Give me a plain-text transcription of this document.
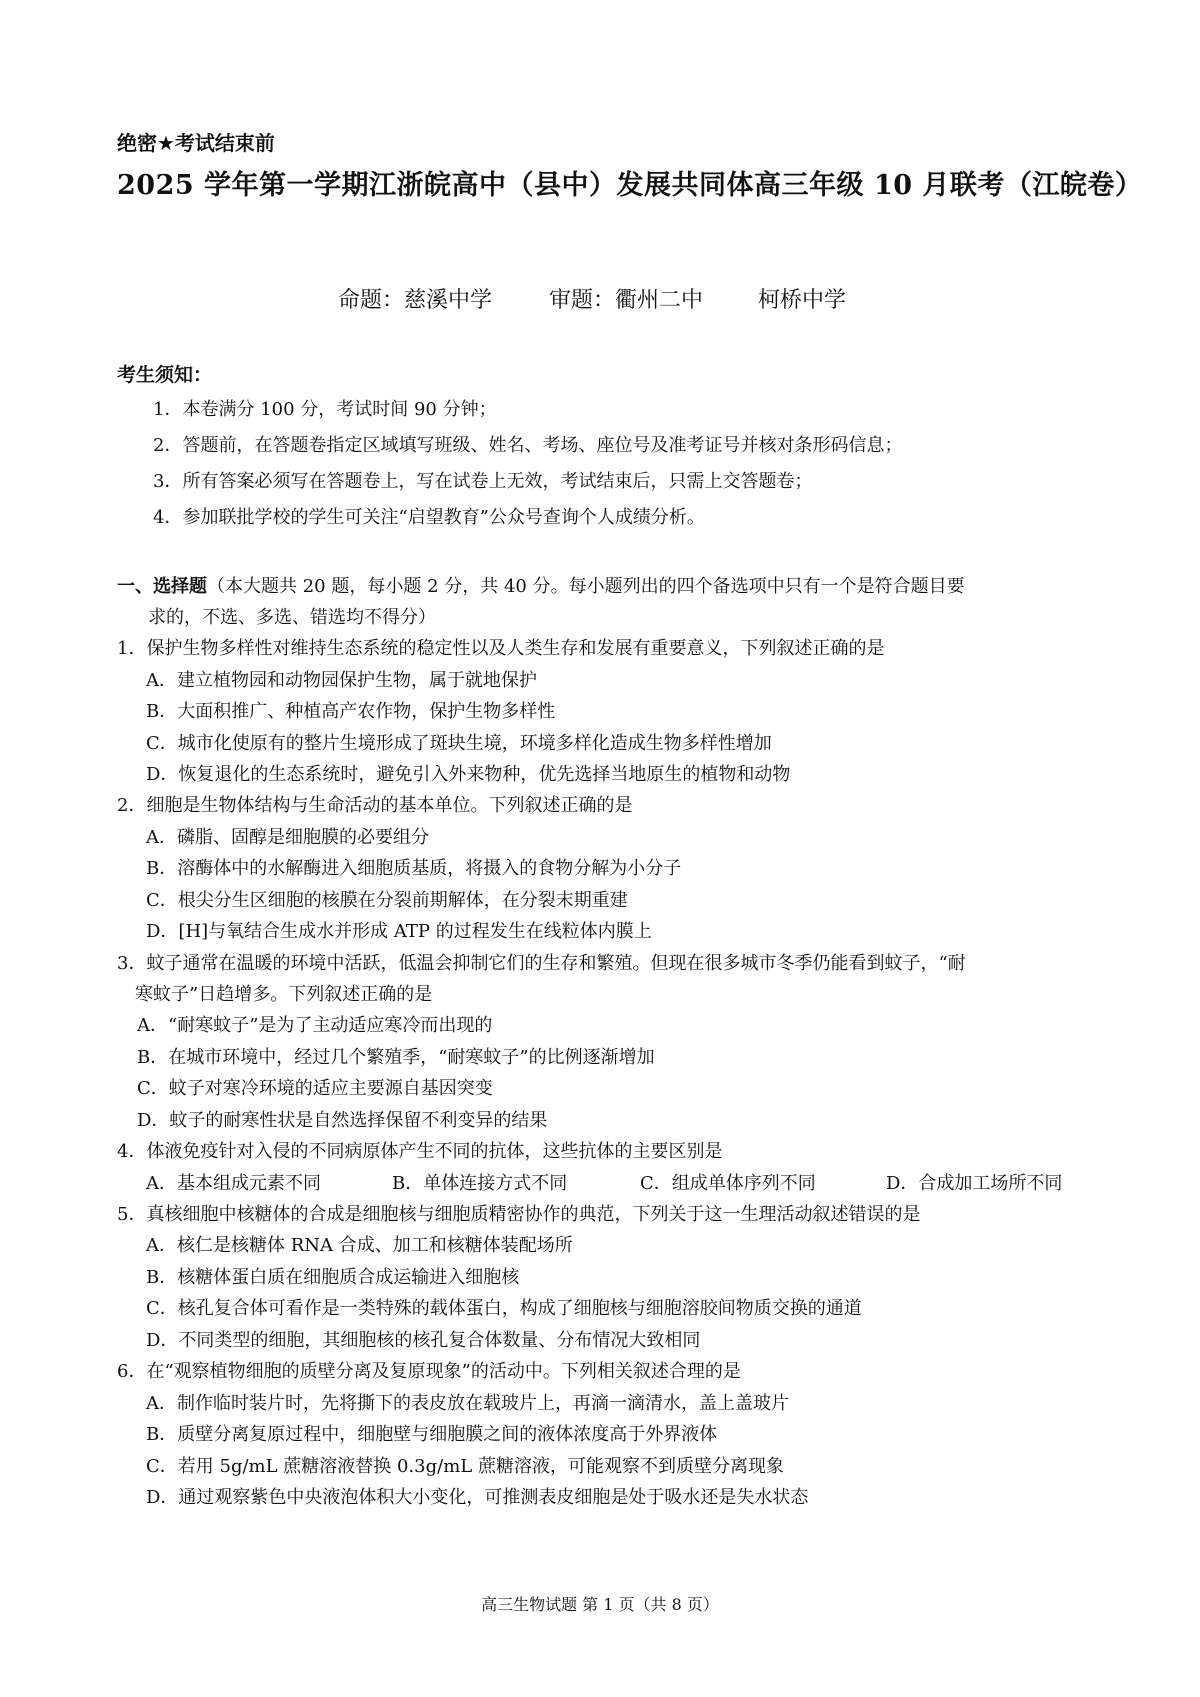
绝密★考试结束前
2025 学年第一学期江浙皖高中（县中）发展共同体高三年级 10 月联考（江皖卷）
命题：慈溪中学	审题：衢州二中	柯桥中学
考生须知：
1．本卷满分 100 分，考试时间 90 分钟；
2．答题前，在答题卷指定区域填写班级、姓名、考场、座位号及准考证号并核对条形码信息；
3．所有答案必须写在答题卷上，写在试卷上无效，考试结束后，只需上交答题卷；
4．参加联批学校的学生可关注“启望教育”公众号查询个人成绩分析。
一、选择题（本大题共 20 题，每小题 2 分，共 40 分。每小题列出的四个备选项中只有一个是符合题目要
求的，不选、多选、错选均不得分）
1．保护生物多样性对维持生态系统的稳定性以及人类生存和发展有重要意义，下列叙述正确的是
A．建立植物园和动物园保护生物，属于就地保护
B．大面积推广、种植高产农作物，保护生物多样性
C．城市化使原有的整片生境形成了斑块生境，环境多样化造成生物多样性增加
D．恢复退化的生态系统时，避免引入外来物种，优先选择当地原生的植物和动物
2．细胞是生物体结构与生命活动的基本单位。下列叙述正确的是
A．磷脂、固醇是细胞膜的必要组分
B．溶酶体中的水解酶进入细胞质基质，将摄入的食物分解为小分子
C．根尖分生区细胞的核膜在分裂前期解体，在分裂末期重建
D．[H]与氧结合生成水并形成 ATP 的过程发生在线粒体内膜上
3．蚊子通常在温暖的环境中活跃，低温会抑制它们的生存和繁殖。但现在很多城市冬季仍能看到蚊子，“耐
寒蚊子”日趋增多。下列叙述正确的是
A．“耐寒蚊子”是为了主动适应寒冷而出现的
B．在城市环境中，经过几个繁殖季，“耐寒蚊子”的比例逐渐增加
C．蚊子对寒冷环境的适应主要源自基因突变
D．蚊子的耐寒性状是自然选择保留不利变异的结果
4．体液免疫针对入侵的不同病原体产生不同的抗体，这些抗体的主要区别是
A．基本组成元素不同	B．单体连接方式不同	C．组成单体序列不同	D．合成加工场所不同
5．真核细胞中核糖体的合成是细胞核与细胞质精密协作的典范，下列关于这一生理活动叙述错误的是
A．核仁是核糖体 RNA 合成、加工和核糖体装配场所
B．核糖体蛋白质在细胞质合成运输进入细胞核
C．核孔复合体可看作是一类特殊的载体蛋白，构成了细胞核与细胞溶胶间物质交换的通道
D．不同类型的细胞，其细胞核的核孔复合体数量、分布情况大致相同
6．在“观察植物细胞的质壁分离及复原现象”的活动中。下列相关叙述合理的是
A．制作临时装片时，先将撕下的表皮放在载玻片上，再滴一滴清水，盖上盖玻片
B．质壁分离复原过程中，细胞壁与细胞膜之间的液体浓度高于外界液体
C．若用 5g/mL 蔗糖溶液替换 0.3g/mL 蔗糖溶液，可能观察不到质壁分离现象
D．通过观察紫色中央液泡体积大小变化，可推测表皮细胞是处于吸水还是失水状态
高三生物试题 第 1 页（共 8 页）
